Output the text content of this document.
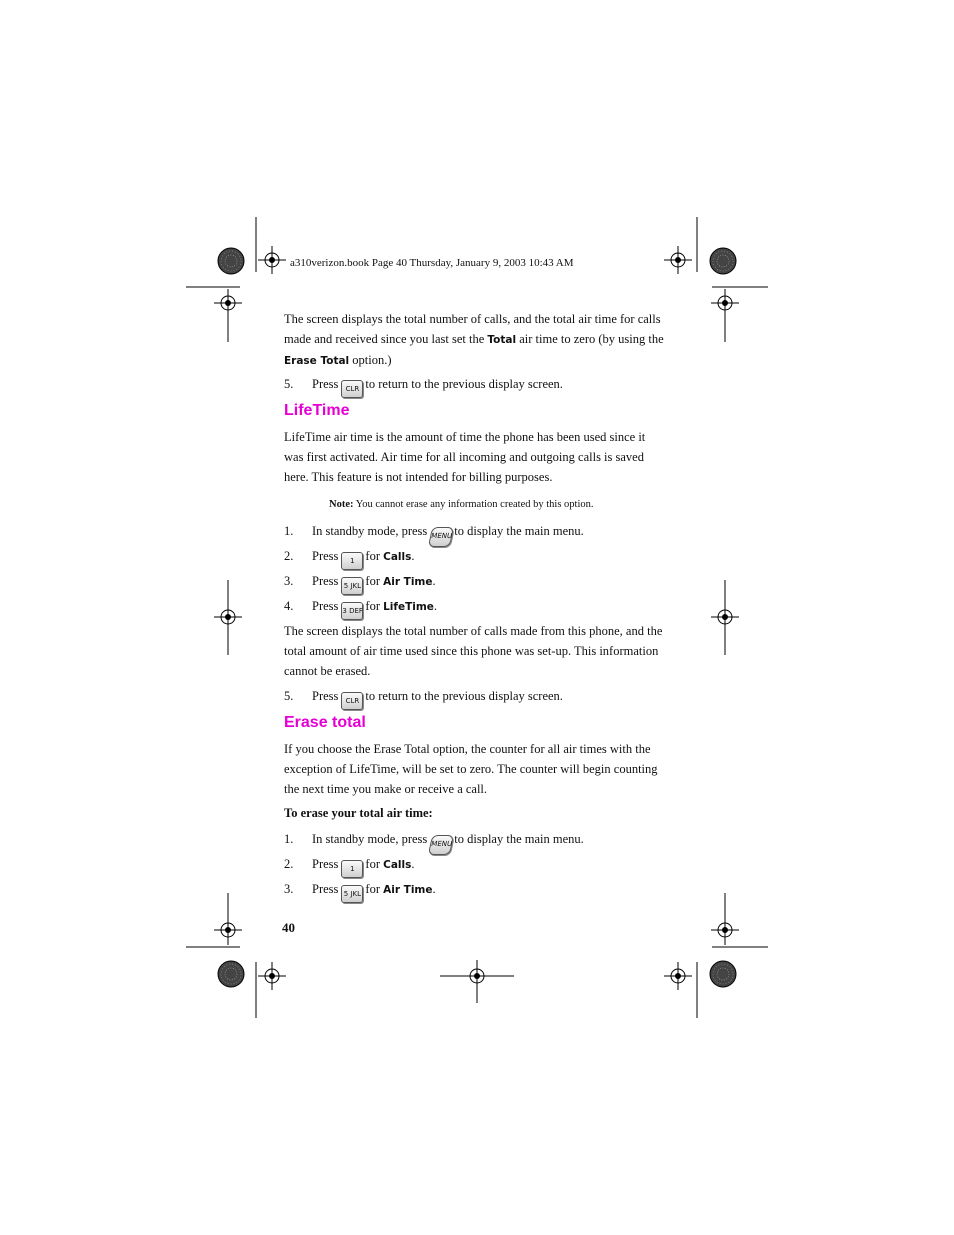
a310verizon.book Page 40 Thursday, January 9, 2003 10:43 AM
The screen displays the total number of calls, and the total air time for calls made and received since you last set the Total air time to zero (by using the Erase Total option.)
5. Press CLR to return to the previous display screen.
LifeTime
LifeTime air time is the amount of time the phone has been used since it was first activated. Air time for all incoming and outgoing calls is saved here. This feature is not intended for billing purposes.
Note: You cannot erase any information created by this option.
1. In standby mode, press MENUto display the main menu.
2. Press 1 for Calls.
3. Press 5 JKL for Air Time.
4. Press 3 DEF for LifeTime.
The screen displays the total number of calls made from this phone, and the total amount of air time used since this phone was set-up. This information cannot be erased.
5. Press CLR to return to the previous display screen.
Erase total
If you choose the Erase Total option, the counter for all air times with the exception of LifeTime, will be set to zero. The counter will begin counting the next time you make or receive a call.
To erase your total air time:
1. In standby mode, press MENUto display the main menu.
2. Press 1 for Calls.
3. Press 5 JKL for Air Time.
40
